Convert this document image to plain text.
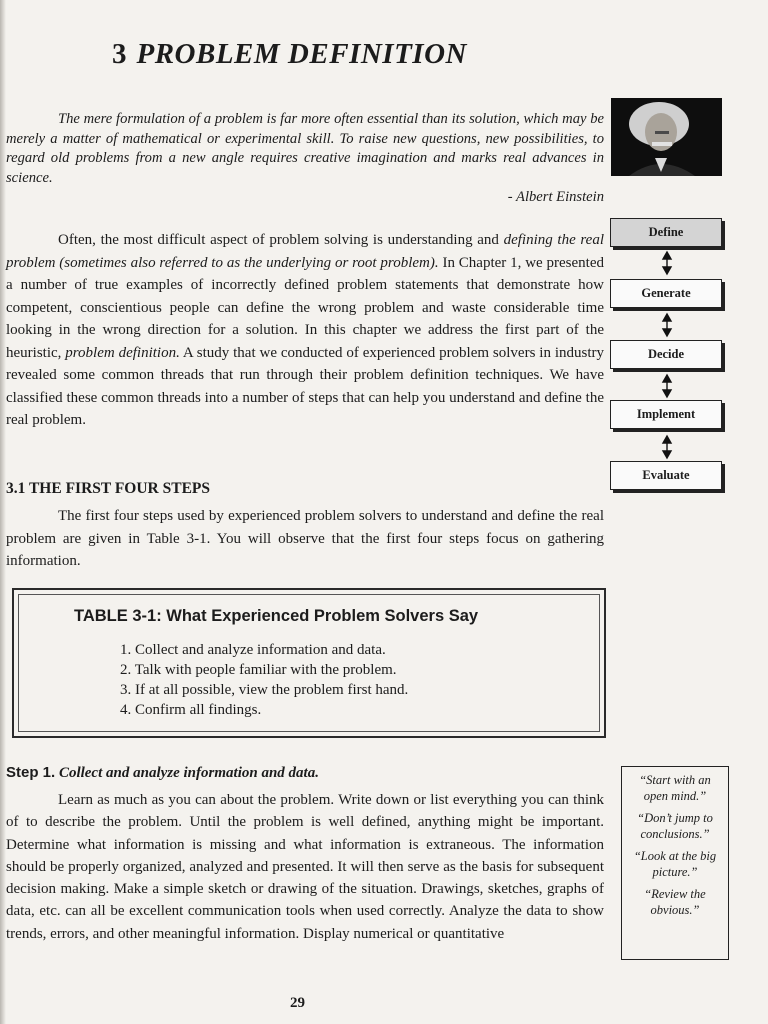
3 PROBLEM DEFINITION

The mere formulation of a problem is far more often essential than its solution, which may be merely a matter of mathematical or experimental skill. To raise new questions, new possibilities, to regard old problems from a new angle requires creative imagination and marks real advances in science.

- Albert Einstein

Often, the most difficult aspect of problem solving is understanding and defining the real problem (sometimes also referred to as the underlying or root problem). In Chapter 1, we presented a number of true examples of incorrectly defined problem statements that demonstrate how competent, conscientious people can define the wrong problem and waste considerable time looking in the wrong direction for a solution. In this chapter we address the first part of the heuristic, problem definition. A study that we conducted of experienced problem solvers in industry revealed some common threads that run through their problem definition techniques. We have classified these common threads into a number of steps that can help you understand and define the real problem.

Define
Generate
Decide
Implement
Evaluate
3.1 THE FIRST FOUR STEPS

The first four steps used by experienced problem solvers to understand and define the real problem are given in Table 3-1. You will observe that the first four steps focus on gathering information.

TABLE 3-1: What Experienced Problem Solvers Say
1. Collect and analyze information and data.
2. Talk with people familiar with the problem.
3. If at all possible, view the problem first hand.
4. Confirm all findings.
Step 1. Collect and analyze information and data.

Learn as much as you can about the problem. Write down or list everything you can think of to describe the problem. Until the problem is well defined, anything might be important. Determine what information is missing and what information is extraneous. The information should be properly organized, analyzed and presented. It will then serve as the basis for subsequent decision making. Make a simple sketch or drawing of the situation. Drawings, sketches, graphs of data, etc. can all be excellent communication tools when used correctly. Analyze the data to show trends, errors, and other meaningful information. Display numerical or quantitative

“Start with an open mind.”

“Don’t jump to conclusions.”

“Look at the big picture.”

“Review the obvious.”

29
